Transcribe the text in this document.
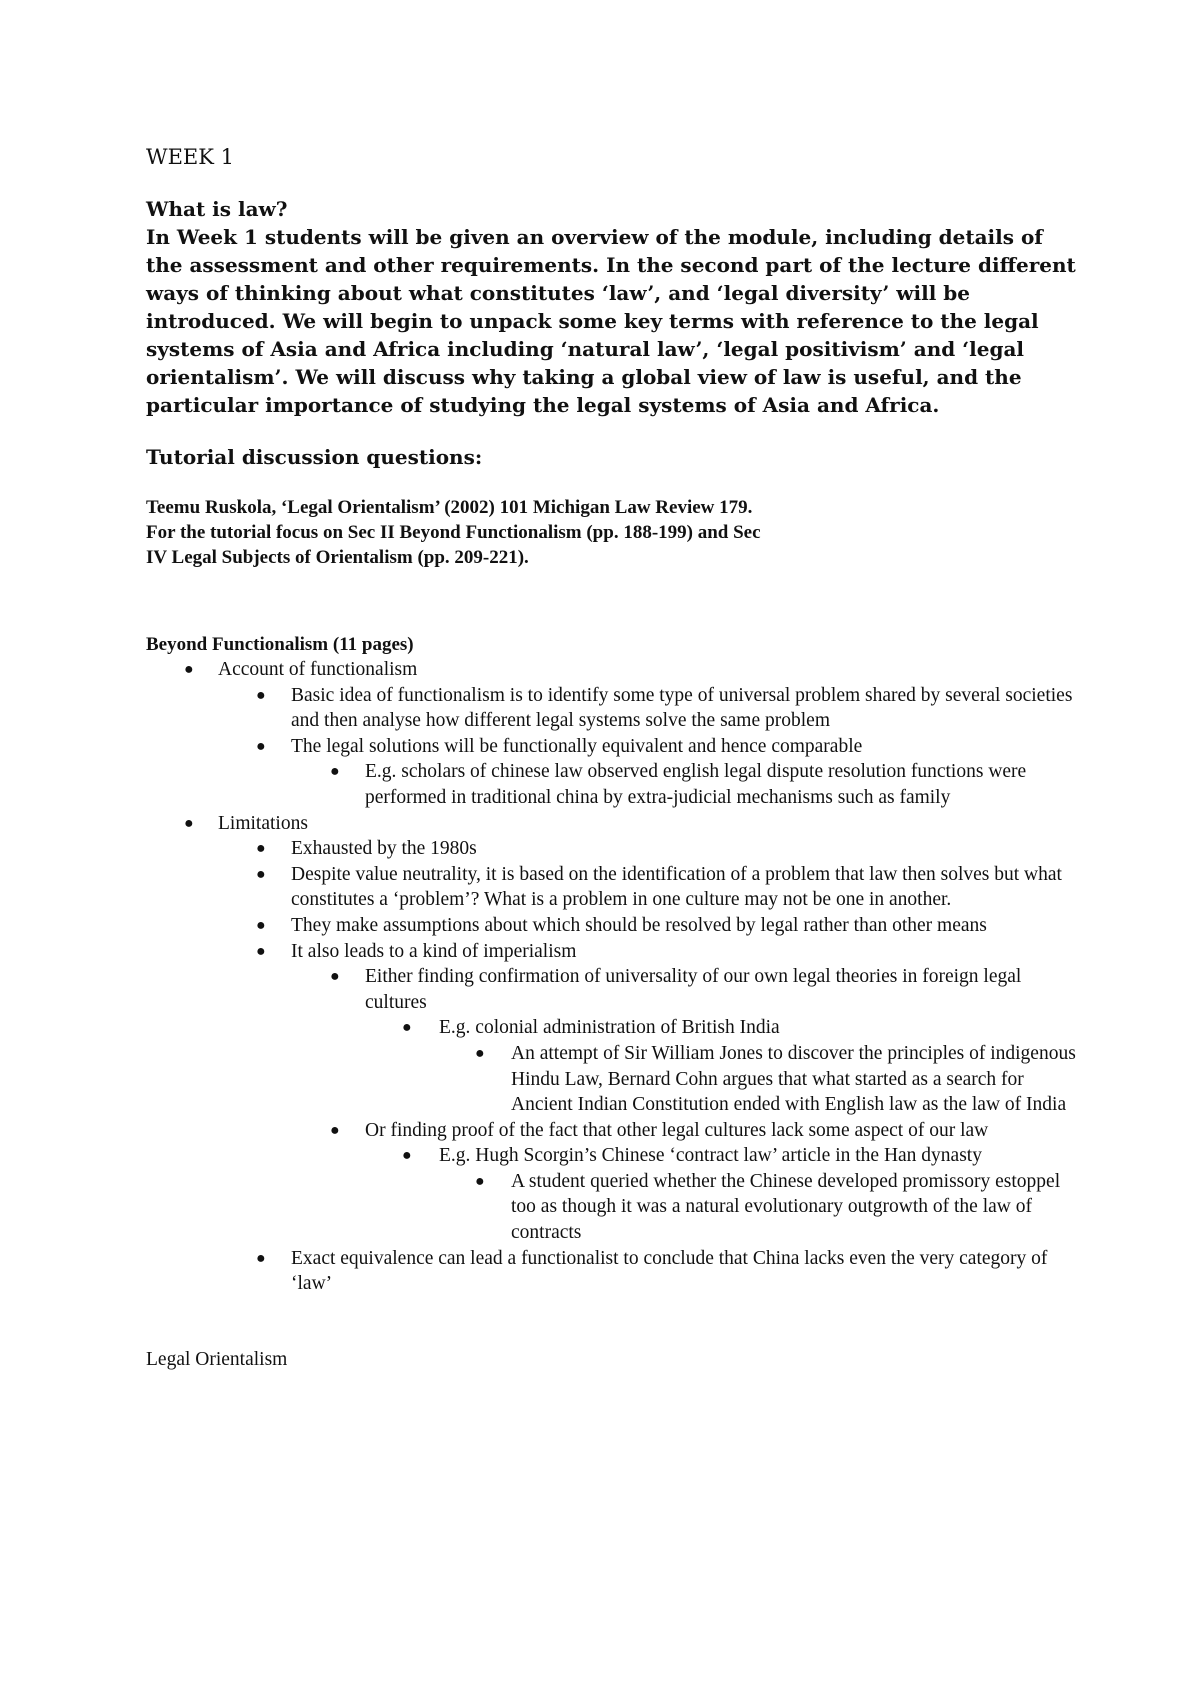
WEEK 1

What is law?
In Week 1 students will be given an overview of the module, including details of the assessment and other requirements. In the second part of the lecture different ways of thinking about what constitutes ‘law’, and ‘legal diversity’ will be introduced. We will begin to unpack some key terms with reference to the legal systems of Asia and Africa including ‘natural law’, ‘legal positivism’ and ‘legal orientalism’. We will discuss why taking a global view of law is useful, and the particular importance of studying the legal systems of Asia and Africa.

Tutorial discussion questions:

Teemu Ruskola, ‘Legal Orientalism’ (2002) 101 Michigan Law Review 179.
For the tutorial focus on Sec II Beyond Functionalism (pp. 188-199) and Sec
IV Legal Subjects of Orientalism (pp. 209-221).

Beyond Functionalism (11 pages)
● Account of functionalism
● Basic idea of functionalism is to identify some type of universal problem shared by several societies and then analyse how different legal systems solve the same problem
● The legal solutions will be functionally equivalent and hence comparable
● E.g. scholars of chinese law observed english legal dispute resolution functions were performed in traditional china by extra-judicial mechanisms such as family
● Limitations
● Exhausted by the 1980s
● Despite value neutrality, it is based on the identification of a problem that law then solves but what constitutes a ‘problem’? What is a problem in one culture may not be one in another.
● They make assumptions about which should be resolved by legal rather than other means
● It also leads to a kind of imperialism
● Either finding confirmation of universality of our own legal theories in foreign legal cultures
● E.g. colonial administration of British India
● An attempt of Sir William Jones to discover the principles of indigenous Hindu Law, Bernard Cohn argues that what started as a search for Ancient Indian Constitution ended with English law as the law of India
● Or finding proof of the fact that other legal cultures lack some aspect of our law
● E.g. Hugh Scorgin’s Chinese ‘contract law’ article in the Han dynasty
● A student queried whether the Chinese developed promissory estoppel too as though it was a natural evolutionary outgrowth of the law of contracts
● Exact equivalence can lead a functionalist to conclude that China lacks even the very category of ‘law’
Legal Orientalism
